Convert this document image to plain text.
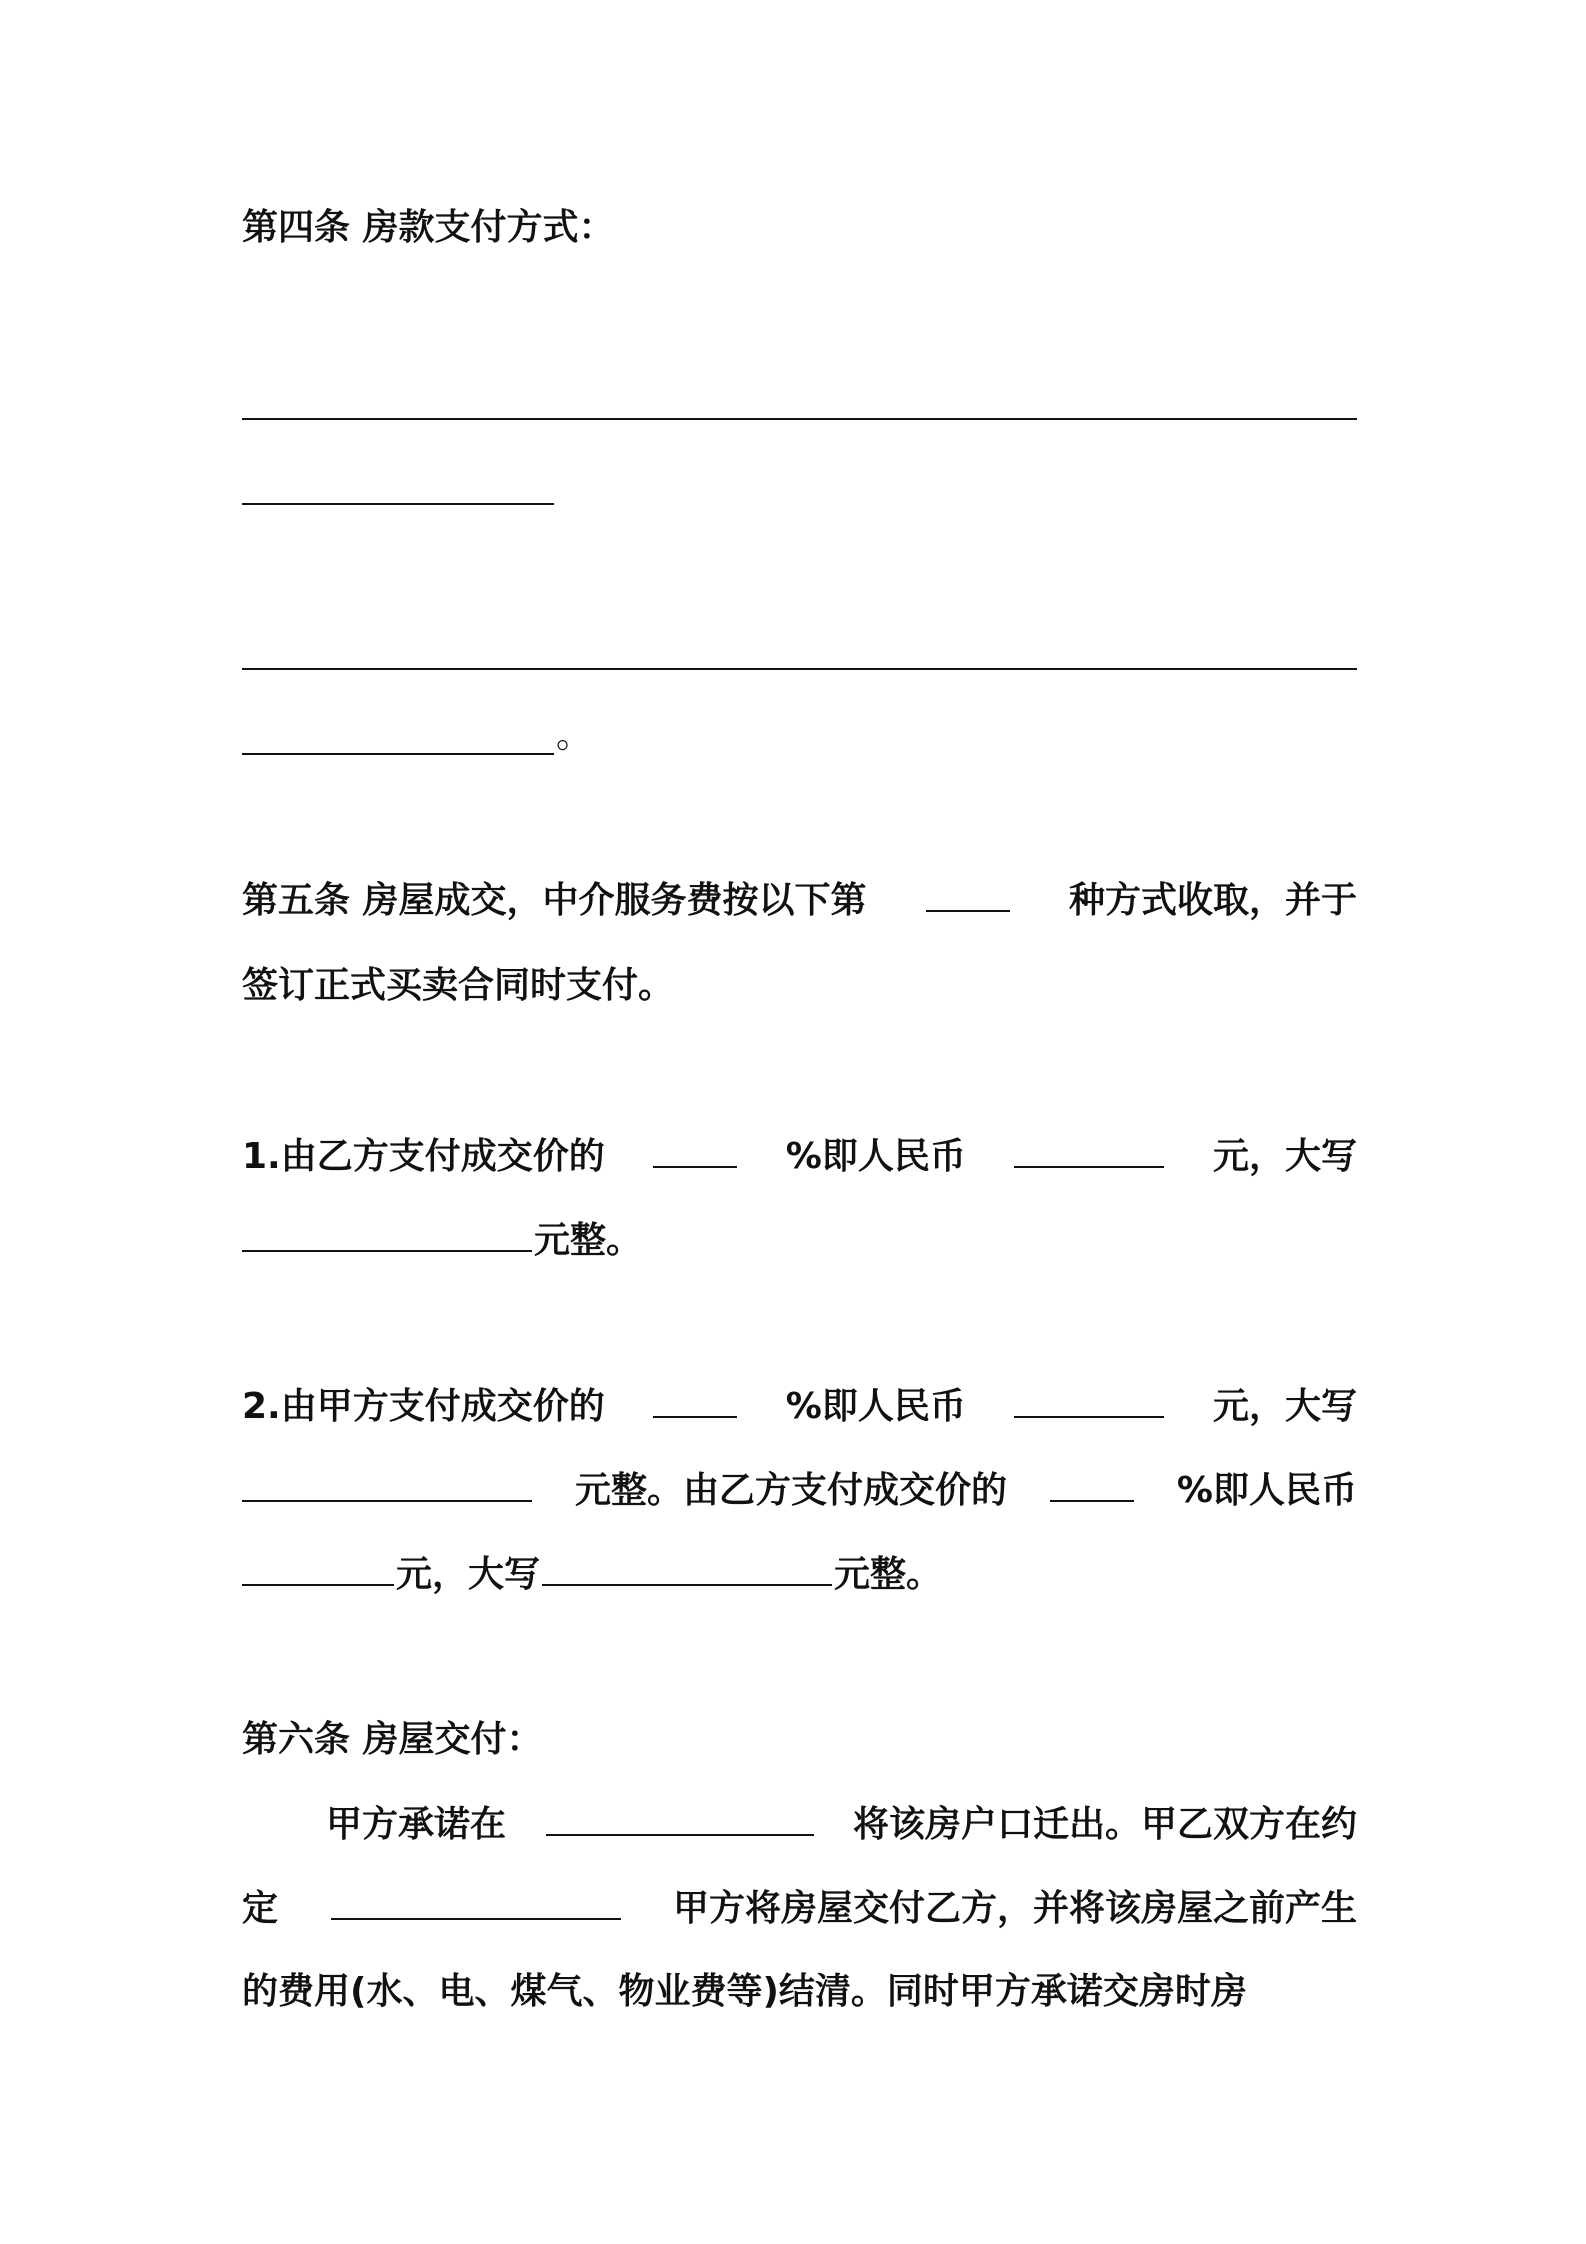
第四条 房款支付方式：
。
第五条 房屋成交，中介服务费按以下第	种方式收取，并于
签订正式买卖合同时支付。
1.由乙方支付成交价的	%即人民币	元，大写
元整。
2.由甲方支付成交价的	%即人民币	元，大写
元整。由乙方支付成交价的	%即人民币
元，大写	元整。
第六条 房屋交付：
甲方承诺在	将该房户口迁出。甲乙双方在约
定	甲方将房屋交付乙方，并将该房屋之前产生
的费用(水、电、煤气、物业费等)结清。同时甲方承诺交房时房
